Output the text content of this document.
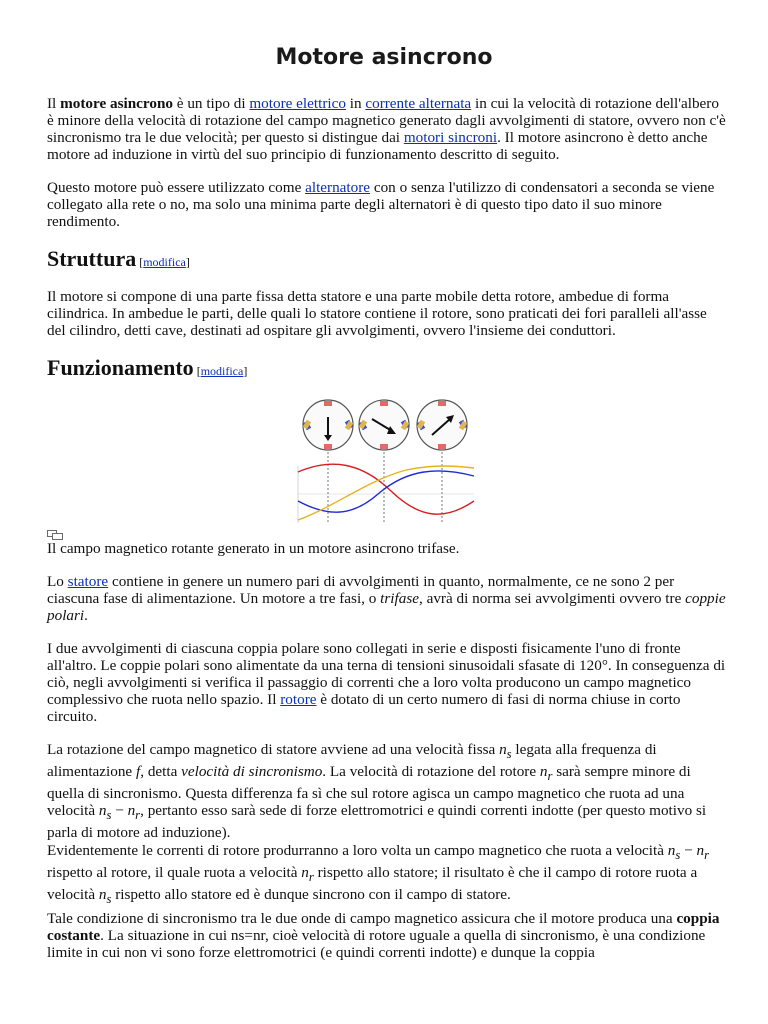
Motore asincrono

Il motore asincrono è un tipo di motore elettrico in corrente alternata in cui la velocità di rotazione dell'albero è minore della velocità di rotazione del campo magnetico generato dagli avvolgimenti di statore, ovvero non c'è sincronismo tra le due velocità; per questo si distingue dai motori sincroni. Il motore asincrono è detto anche motore ad induzione in virtù del suo principio di funzionamento descritto di seguito.

Questo motore può essere utilizzato come alternatore con o senza l'utilizzo di condensatori a seconda se viene collegato alla rete o no, ma solo una minima parte degli alternatori è di questo tipo dato il suo minore rendimento.

Struttura [modifica]

Il motore si compone di una parte fissa detta statore e una parte mobile detta rotore, ambedue di forma cilindrica. In ambedue le parti, delle quali lo statore contiene il rotore, sono praticati dei fori paralleli all'asse del cilindro, detti cave, destinati ad ospitare gli avvolgimenti, ovvero l'insieme dei conduttori.

Funzionamento [modifica]

Il campo magnetico rotante generato in un motore asincrono trifase.

Lo statore contiene in genere un numero pari di avvolgimenti in quanto, normalmente, ce ne sono 2 per ciascuna fase di alimentazione. Un motore a tre fasi, o trifase, avrà di norma sei avvolgimenti ovvero tre coppie polari.

I due avvolgimenti di ciascuna coppia polare sono collegati in serie e disposti fisicamente l'uno di fronte all'altro. Le coppie polari sono alimentate da una terna di tensioni sinusoidali sfasate di 120°. In conseguenza di ciò, negli avvolgimenti si verifica il passaggio di correnti che a loro volta producono un campo magnetico complessivo che ruota nello spazio. Il rotore è dotato di un certo numero di fasi di norma chiuse in corto circuito.

La rotazione del campo magnetico di statore avviene ad una velocità fissa $n_s$ legata alla frequenza di alimentazione f, detta velocità di sincronismo. La velocità di rotazione del rotore $n_r$ sarà sempre minore di quella di sincronismo. Questa differenza fa sì che sul rotore agisca un campo magnetico che ruota ad una velocità $n_s - n_r$, pertanto esso sarà sede di forze elettromotrici e quindi correnti indotte (per questo motivo si parla di motore ad induzione).

Evidentemente le correnti di rotore produrranno a loro volta un campo magnetico che ruota a velocità $n_s - n_r$ rispetto al rotore, il quale ruota a velocità $n_r$ rispetto allo statore; il risultato è che il campo di rotore ruota a velocità $n_s$ rispetto allo statore ed è dunque sincrono con il campo di statore.

Tale condizione di sincronismo tra le due onde di campo magnetico assicura che il motore produca una coppia costante. La situazione in cui ns=nr, cioè velocità di rotore uguale a quella di sincronismo, è una condizione limite in cui non vi sono forze elettromotrici (e quindi correnti indotte) e dunque la coppia
